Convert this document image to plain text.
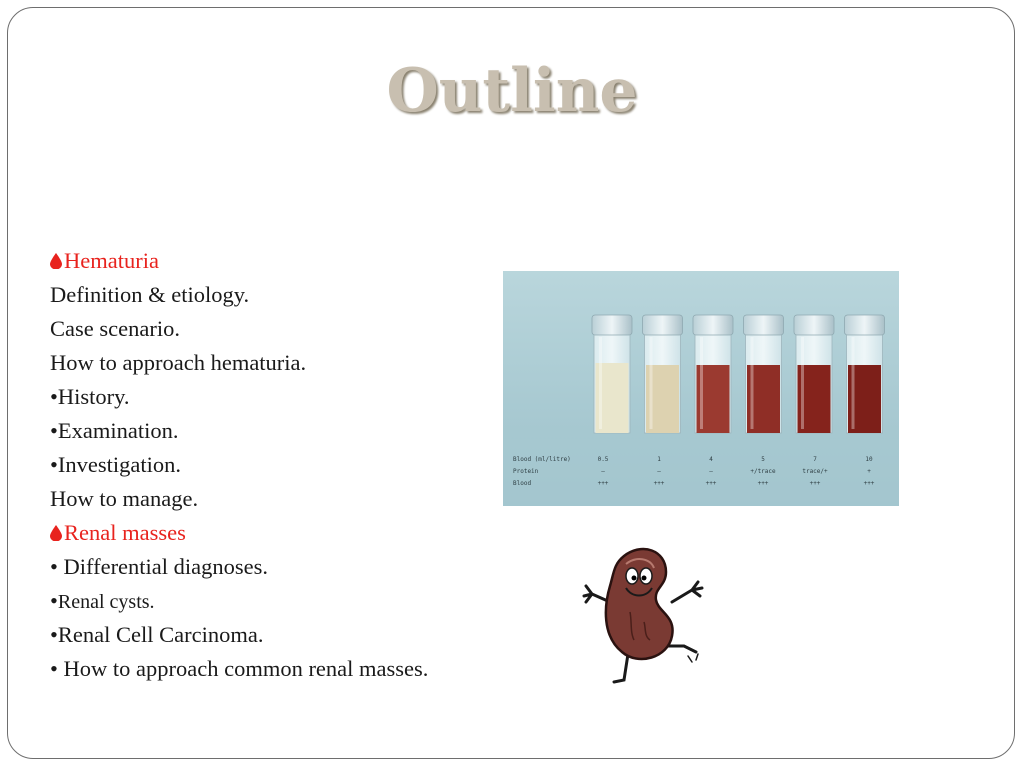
Outline
Hematuria
Definition & etiology.
Case scenario.
How to approach hematuria.
•History.
•Examination.
•Investigation.
How to manage.
Renal masses
• Differential diagnoses.
•Renal cysts.
•Renal Cell Carcinoma.
• How to approach common renal masses.
Blood (ml/litre)	0.5	1	4	5	7	10
Protein	–	–	–	+/trace	trace/+	+
Blood	+++	+++	+++	+++	+++	+++
